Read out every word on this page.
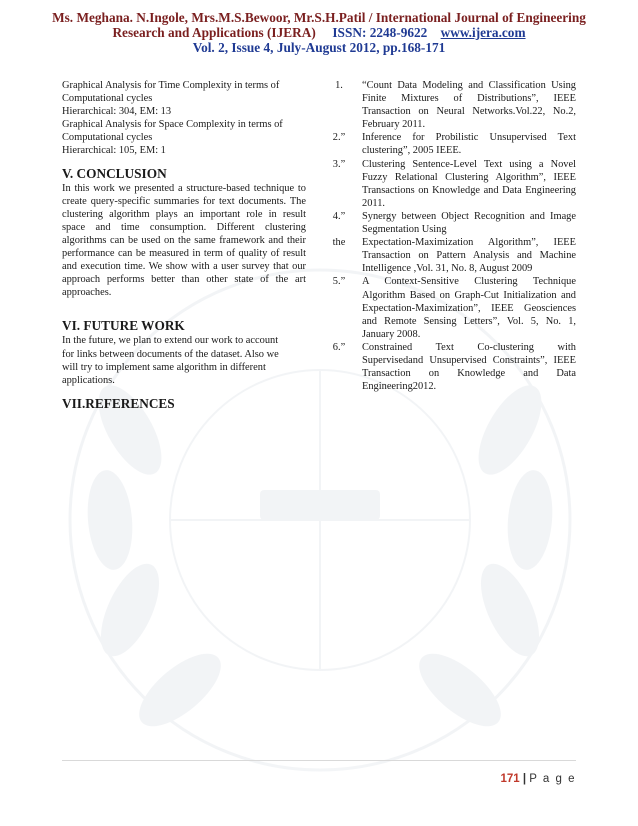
Ms. Meghana. N.Ingole, Mrs.M.S.Bewoor, Mr.S.H.Patil / International Journal of Engineering
Research and Applications (IJERA) ISSN: 2248-9622 www.ijera.com
Vol. 2, Issue 4, July-August 2012, pp.168-171

Graphical Analysis for Time Complexity in terms of

Computational cycles

Hierarchical: 304, EM: 13

Graphical Analysis for Space Complexity in terms of

Computational cycles

Hierarchical: 105, EM: 1

V. CONCLUSION

In this work we presented a structure-based technique to create query-specific summaries for text documents. The clustering algorithm plays an important role in result space and time consumption. Different clustering algorithms can be used on the same framework and their performance can be measured in term of quality of result and execution time. We show with a user survey that our approach performs better than other state of the art approaches.

VI. FUTURE WORK

In the future, we plan to extend our work to account

for links between documents of the dataset. Also we

will try to implement same algorithm in different

applications.

VII.REFERENCES
1.	“Count Data Modeling and Classification Using Finite Mixtures of Distributions”, IEEE Transaction on Neural Networks.Vol.22, No.2, February 2011.
2.”	Inference for Probilistic Unsupervised Text clustering”, 2005 IEEE.
3.”	Clustering Sentence-Level Text using a Novel Fuzzy Relational Clustering Algorithm”, IEEE Transactions on Knowledge and Data Engineering 2011.
4.”	Synergy between Object Recognition and Image Segmentation Using
the	Expectation-Maximization Algorithm”, IEEE Transaction on Pattern Analysis and Machine Intelligence ,Vol. 31, No. 8, August 2009
5.”	A Context-Sensitive Clustering Technique Algorithm Based on Graph-Cut Initialization and Expectation-Maximization”, IEEE Geosciences and Remote Sensing Letters”, Vol. 5, No. 1, January 2008.
6.”	Constrained Text Co-clustering with Supervisedand Unsupervised Constraints”, IEEE Transaction on Knowledge and Data Engineering2012.
171 | P a g e
